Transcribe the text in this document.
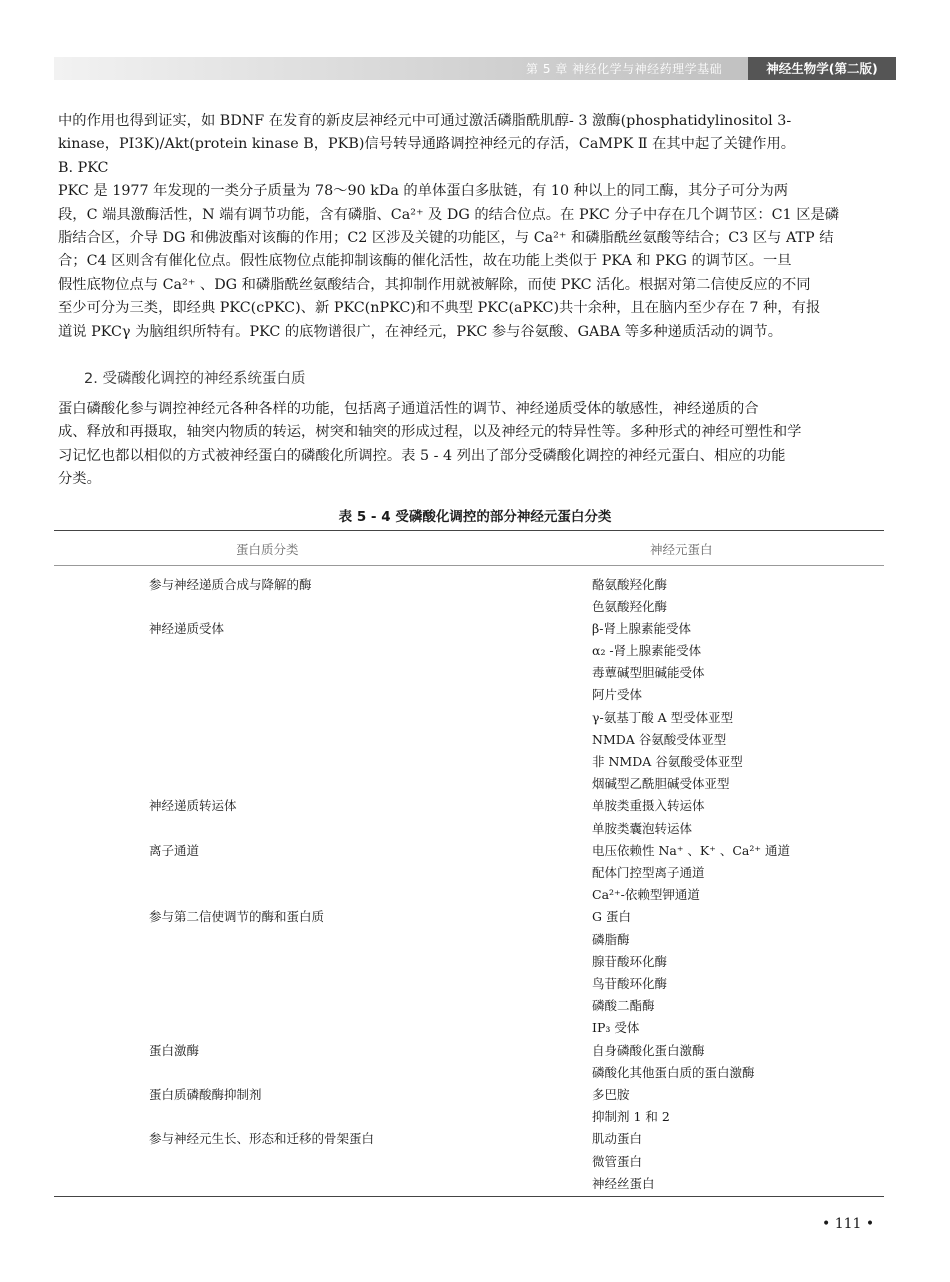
第 5 章 神经化学与神经药理学基础	神经生物学(第二版)
中的作用也得到证实，如 BDNF 在发育的新皮层神经元中可通过激活磷脂酰肌醇- 3 激酶(phosphatidylinositol 3-
kinase，PI3K)/Akt(protein kinase B，PKB)信号转导通路调控神经元的存活，CaMPK Ⅱ 在其中起了关键作用。
B. PKC
PKC 是 1977 年发现的一类分子质量为 78～90 kDa 的单体蛋白多肽链，有 10 种以上的同工酶，其分子可分为两
段，C 端具激酶活性，N 端有调节功能，含有磷脂、Ca²⁺ 及 DG 的结合位点。在 PKC 分子中存在几个调节区：C1 区是磷
脂结合区，介导 DG 和佛波酯对该酶的作用；C2 区涉及关键的功能区，与 Ca²⁺ 和磷脂酰丝氨酸等结合；C3 区与 ATP 结
合；C4 区则含有催化位点。假性底物位点能抑制该酶的催化活性，故在功能上类似于 PKA 和 PKG 的调节区。一旦
假性底物位点与 Ca²⁺ 、DG 和磷脂酰丝氨酸结合，其抑制作用就被解除，而使 PKC 活化。根据对第二信使反应的不同
至少可分为三类，即经典 PKC(cPKC)、新 PKC(nPKC)和不典型 PKC(aPKC)共十余种，且在脑内至少存在 7 种，有报
道说 PKCγ 为脑组织所特有。PKC 的底物谱很广，在神经元，PKC 参与谷氨酸、GABA 等多种递质活动的调节。
2. 受磷酸化调控的神经系统蛋白质
蛋白磷酸化参与调控神经元各种各样的功能，包括离子通道活性的调节、神经递质受体的敏感性，神经递质的合
成、释放和再摄取，轴突内物质的转运，树突和轴突的形成过程，以及神经元的特异性等。多种形式的神经可塑性和学
习记忆也都以相似的方式被神经蛋白的磷酸化所调控。表 5 - 4 列出了部分受磷酸化调控的神经元蛋白、相应的功能
分类。
表 5 - 4 受磷酸化调控的部分神经元蛋白分类
蛋白质分类	神经元蛋白
参与神经递质合成与降解的酶
神经递质受体
神经递质转运体
离子通道
参与第二信使调节的酶和蛋白质
蛋白激酶
蛋白质磷酸酶抑制剂
参与神经元生长、形态和迁移的骨架蛋白
酪氨酸羟化酶
色氨酸羟化酶
β-肾上腺素能受体
α₂ -肾上腺素能受体
毒蕈碱型胆碱能受体
阿片受体
γ-氨基丁酸 A 型受体亚型
NMDA 谷氨酸受体亚型
非 NMDA 谷氨酸受体亚型
烟碱型乙酰胆碱受体亚型
单胺类重摄入转运体
单胺类囊泡转运体
电压依赖性 Na⁺ 、K⁺ 、Ca²⁺ 通道
配体门控型离子通道
Ca²⁺-依赖型钾通道
G 蛋白
磷脂酶
腺苷酸环化酶
鸟苷酸环化酶
磷酸二酯酶
IP₃ 受体
自身磷酸化蛋白激酶
磷酸化其他蛋白质的蛋白激酶
多巴胺
抑制剂 1 和 2
肌动蛋白
微管蛋白
神经丝蛋白
• 111 •
